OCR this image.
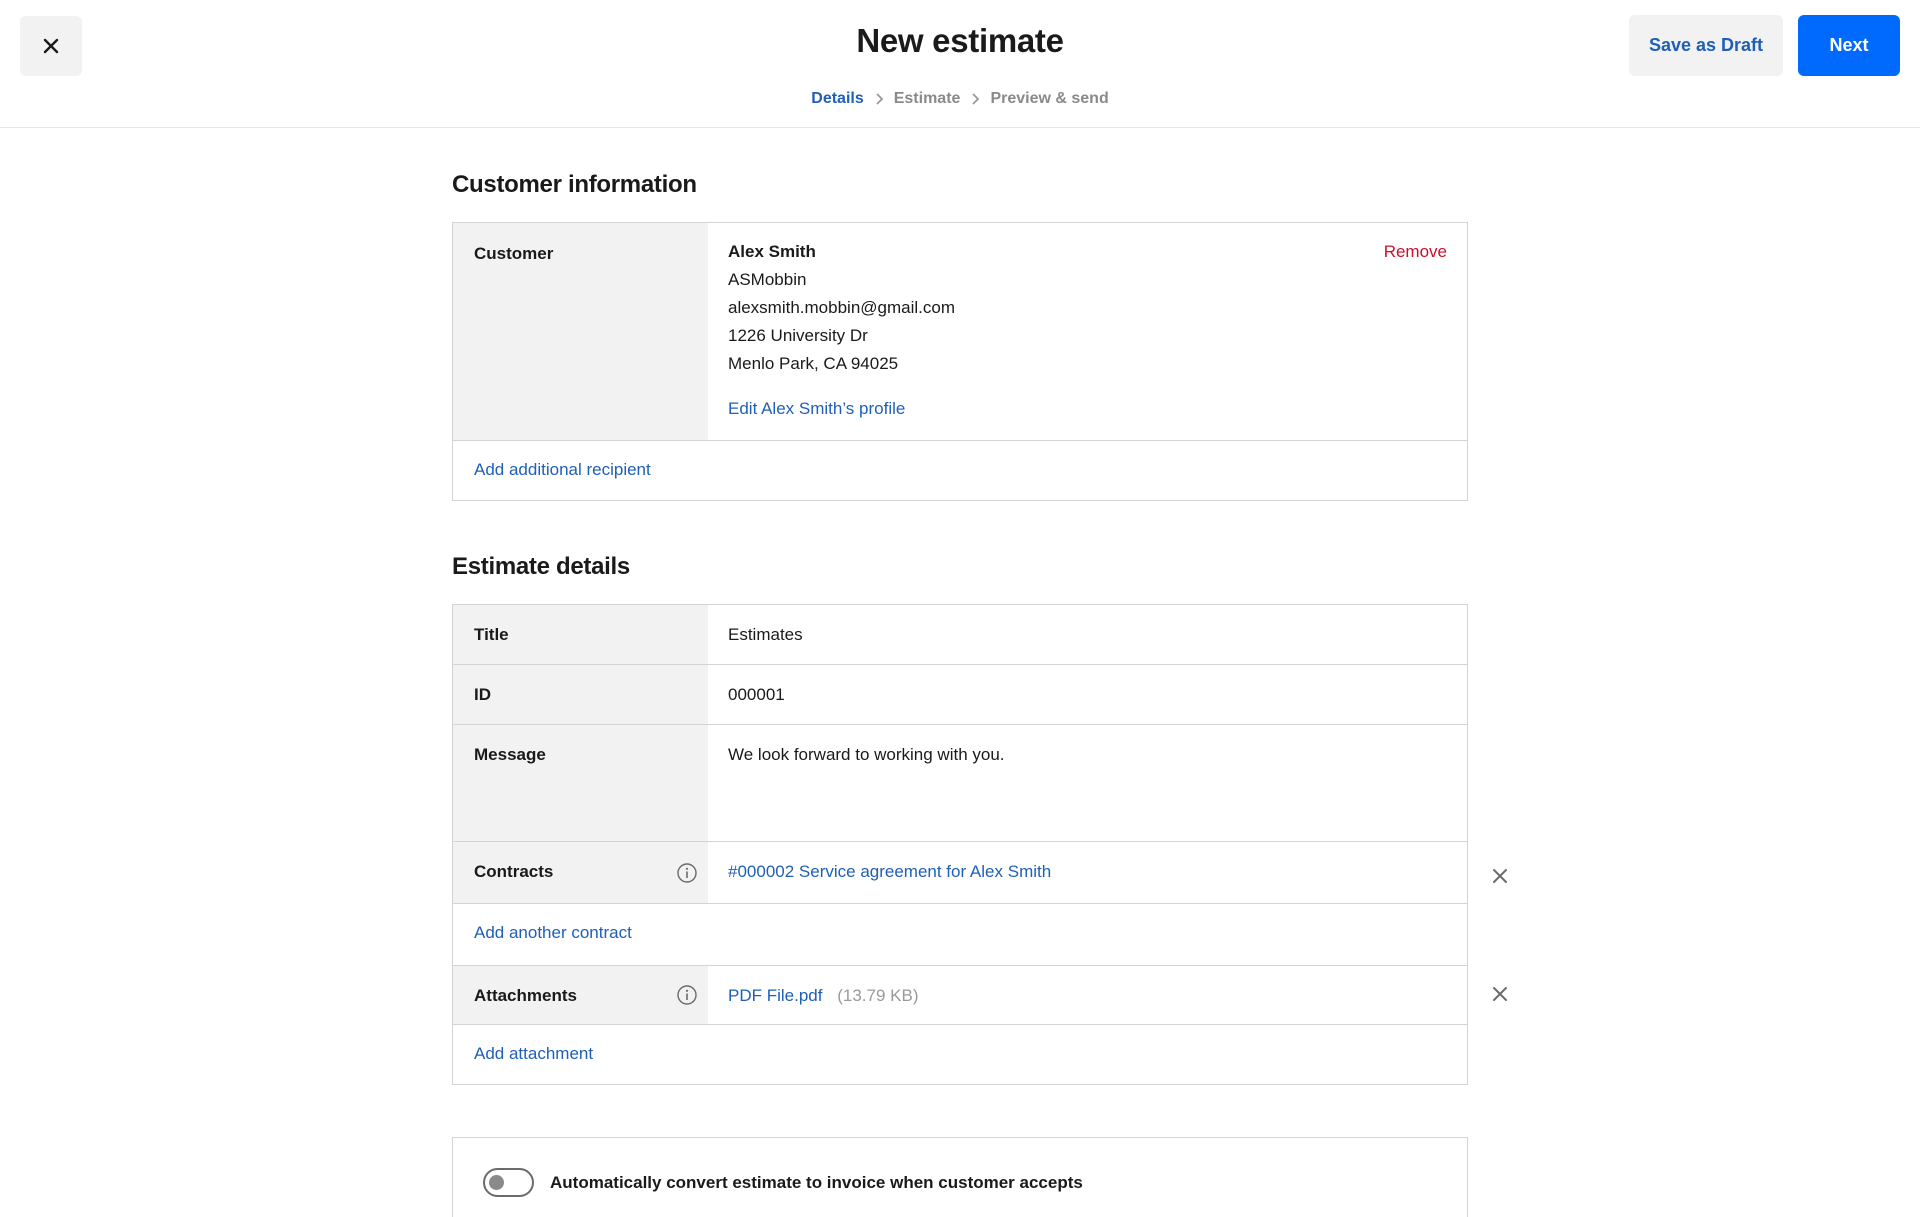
New estimate
Details Estimate Preview & send
Save as Draft	Next
Customer information
Customer	Alex Smith
ASMobbin
alexsmith.mobbin@gmail.com
1226 University Dr
Menlo Park, CA 94025
Edit Alex Smith’s profile
Remove
Add additional recipient
Estimate details
Title	Estimates
ID	000001
Message	We look forward to working with you.
Contracts	#000002 Service agreement for Alex Smith
Add another contract
Attachments	PDF File.pdf (13.79 KB)
Add attachment
Automatically convert estimate to invoice when customer accepts
